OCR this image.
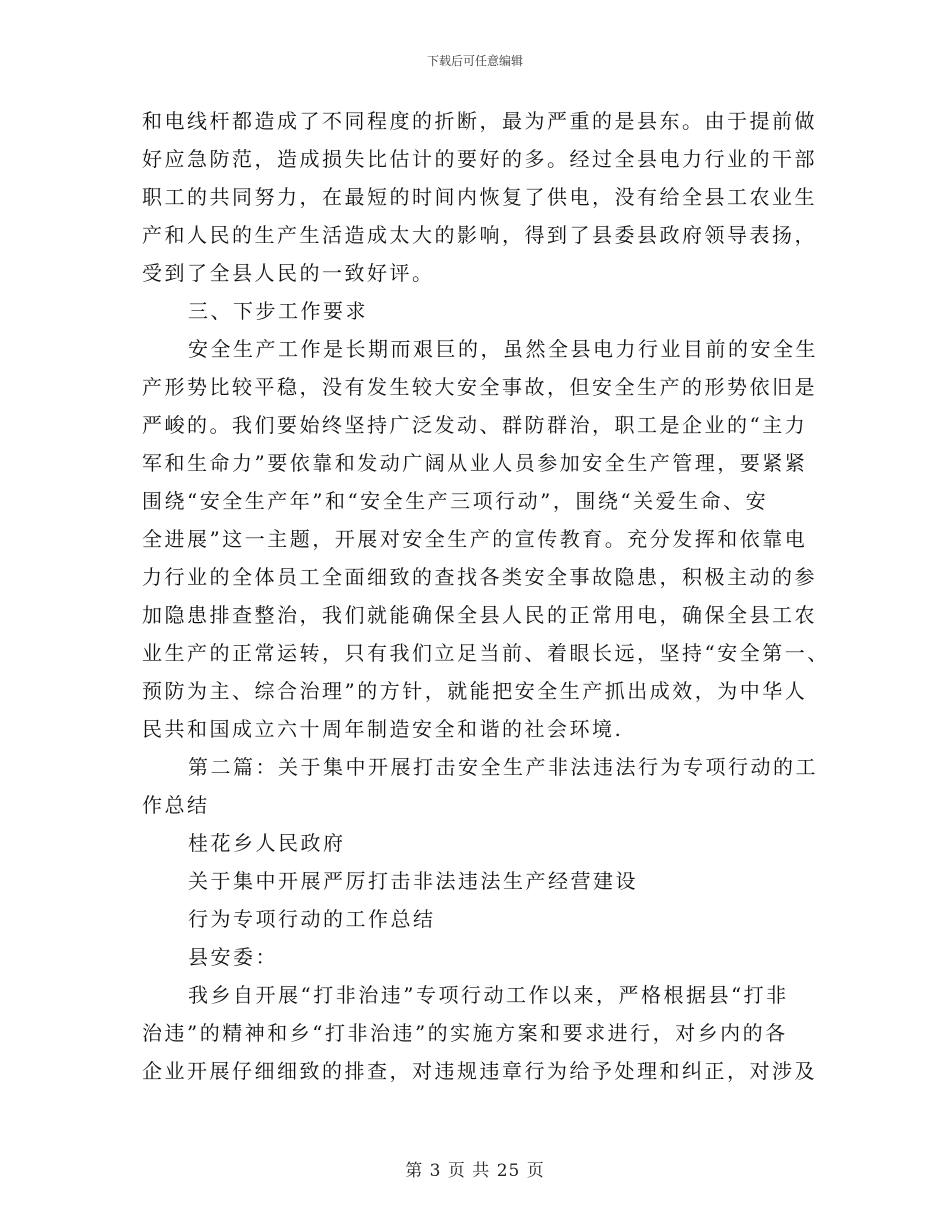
下载后可任意编辑
和电线杆都造成了不同程度的折断，最为严重的是县东。由于提前做
好应急防范，造成损失比估计的要好的多。经过全县电力行业的干部
职工的共同努力，在最短的时间内恢复了供电，没有给全县工农业生
产和人民的生产生活造成太大的影响，得到了县委县政府领导表扬，
受到了全县人民的一致好评。
三、下步工作要求
安全生产工作是长期而艰巨的，虽然全县电力行业目前的安全生
产形势比较平稳，没有发生较大安全事故，但安全生产的形势依旧是
严峻的。我们要始终坚持广泛发动、群防群治，职工是企业的“主力
军和生命力”要依靠和发动广阔从业人员参加安全生产管理，要紧紧
围绕“安全生产年”和“安全生产三项行动”，围绕“关爱生命、安
全进展”这一主题，开展对安全生产的宣传教育。充分发挥和依靠电
力行业的全体员工全面细致的查找各类安全事故隐患，积极主动的参
加隐患排查整治，我们就能确保全县人民的正常用电，确保全县工农
业生产的正常运转，只有我们立足当前、着眼长远，坚持“安全第一、
预防为主、综合治理”的方针，就能把安全生产抓出成效，为中华人
民共和国成立六十周年制造安全和谐的社会环境.
第二篇：关于集中开展打击安全生产非法违法行为专项行动的工
作总结
桂花乡人民政府
关于集中开展严厉打击非法违法生产经营建设
行为专项行动的工作总结
县安委：
我乡自开展“打非治违”专项行动工作以来，严格根据县“打非
治违”的精神和乡“打非治违”的实施方案和要求进行，对乡内的各
企业开展仔细细致的排查，对违规违章行为给予处理和纠正，对涉及
第 3 页 共 25 页
